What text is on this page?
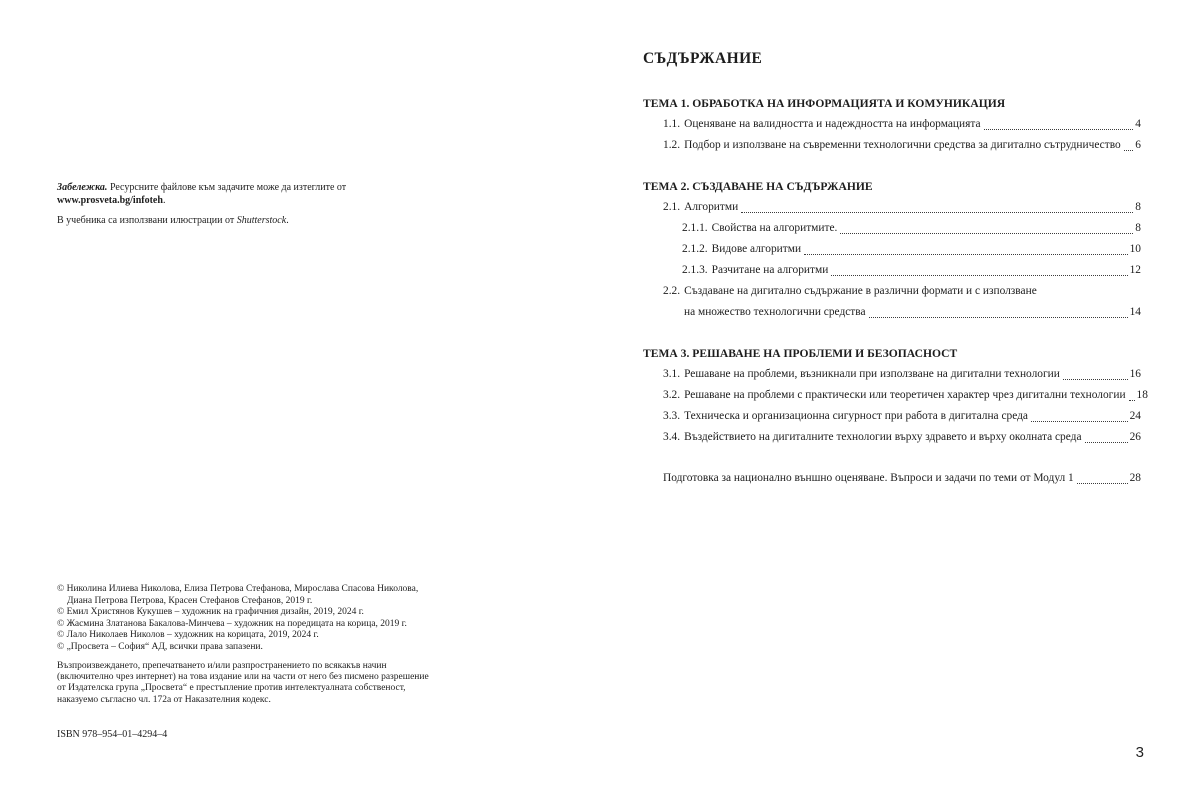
Забележка. Ресурсните файлове към задачите може да изтеглите от www.prosveta.bg/infoteh.

В учебника са използвани илюстрации от Shutterstock.

© Николина Илиева Николова, Елиза Петрова Стефанова, Мирослава Спасова Николова,
Диана Петрова Петрова, Красен Стефанов Стефанов, 2019 г.
© Емил Христянов Кукушев – художник на графичния дизайн, 2019, 2024 г.
© Жасмина Златанова Бакалова-Минчева – художник на поредицата на корица, 2019 г.
© Лало Николаев Николов – художник на корицата, 2019, 2024 г.
© „Просвета – София“ АД, всички права запазени.
Възпроизвеждането, препечатването и/или разпространението по всякакъв начин
(включително чрез интернет) на това издание или на части от него без писмено разрешение
от Издателска група „Просвета“ е престъпление против интелектуалната собственост,
наказуемо съгласно чл. 172а от Наказателния кодекс.
ISBN 978–954–01–4294–4
СЪДЪРЖАНИЕ
ТЕМА 1. ОБРАБОТКА НА ИНФОРМАЦИЯТА И КОМУНИКАЦИЯ
1.1. Оценяване на валидността и надеждността на информацията	4
1.2. Подбор и използване на съвременни технологични средства за дигитално сътрудничество 6
ТЕМА 2. СЪЗДАВАНЕ НА СЪДЪРЖАНИЕ
2.1. Алгоритми	8
2.1.1. Свойства на алгоритмите.	8
2.1.2. Видове алгоритми	10
2.1.3. Разчитане на алгоритми	12
2.2. Създаване на дигитално съдържание в различни формати и с използване
на множество технологични средства	14
ТЕМА 3. РЕШАВАНЕ НА ПРОБЛЕМИ И БЕЗОПАСНОСТ
3.1. Решаване на проблеми, възникнали при използване на дигитални технологии	16
3.2. Решаване на проблеми с практически или теоретичен характер чрез дигитални технологии 18
3.3. Техническа и организационна сигурност при работа в дигитална среда	24
3.4. Въздействието на дигиталните технологии върху здравето и върху околната среда	26
Подготовка за национално външно оценяване. Въпроси и задачи по теми от Модул 1	28
3
